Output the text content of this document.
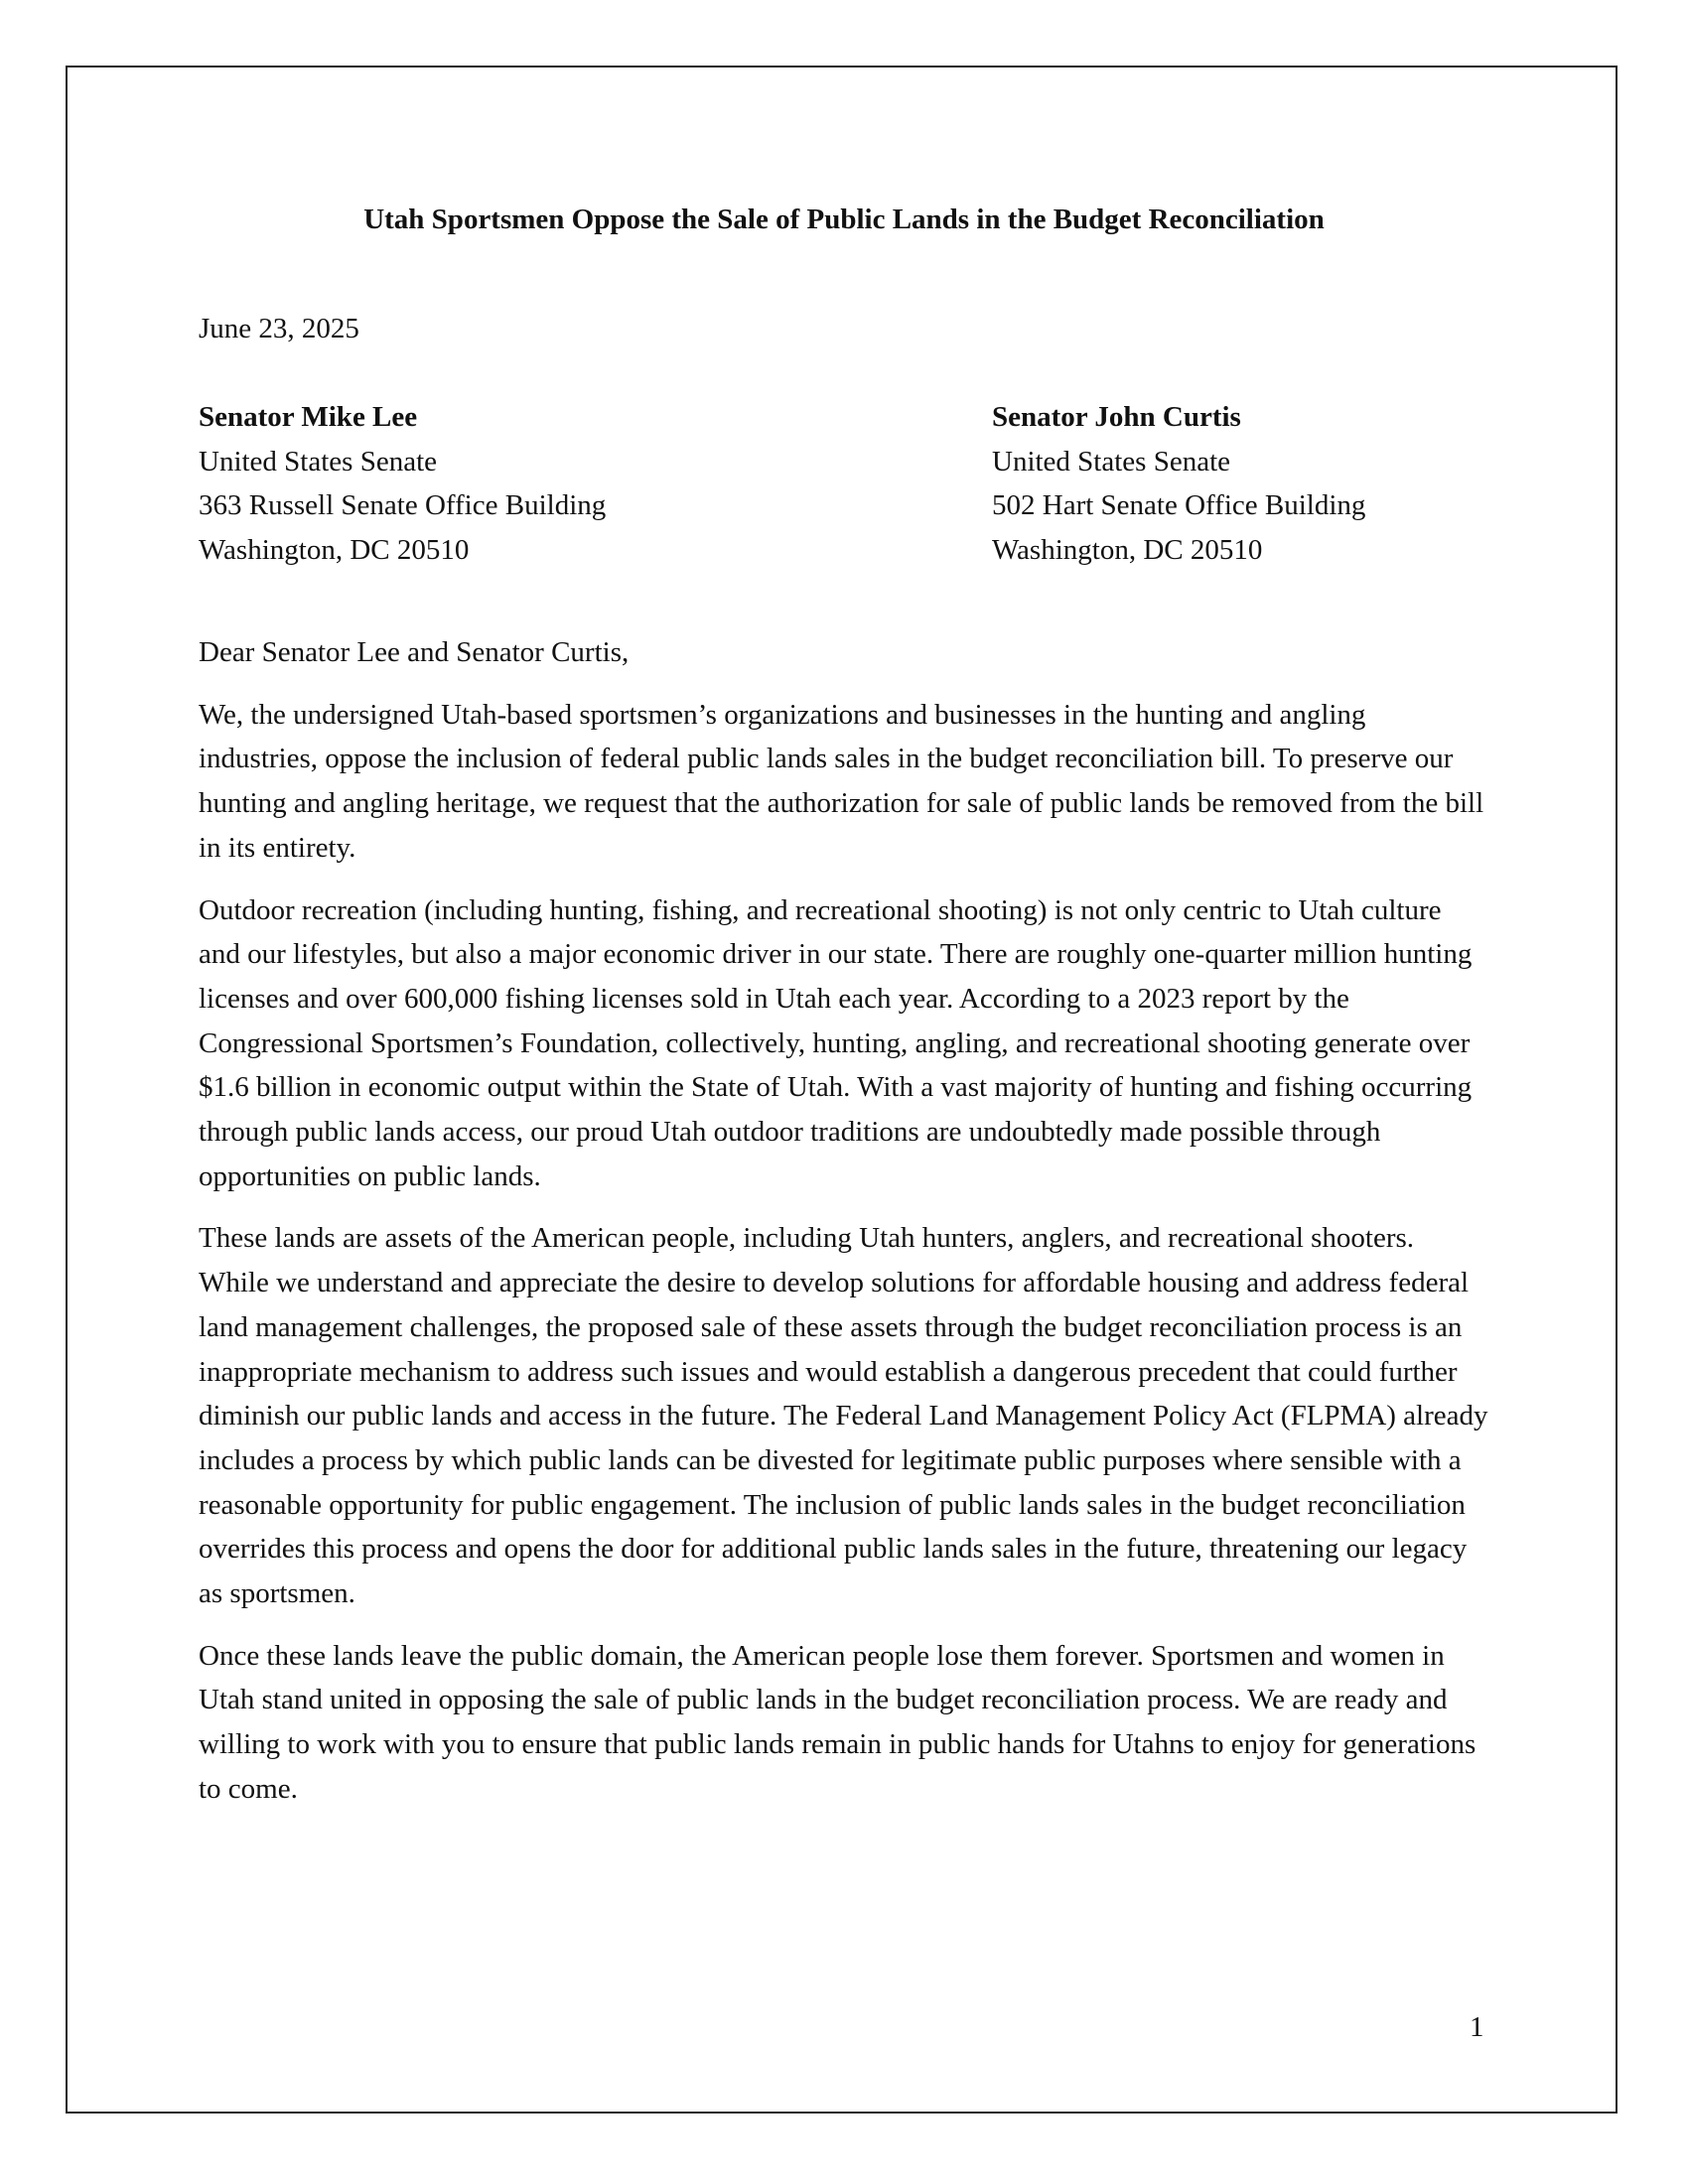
Utah Sportsmen Oppose the Sale of Public Lands in the Budget Reconciliation

June 23, 2025

Senator Mike Lee
United States Senate
363 Russell Senate Office Building
Washington, DC 20510
Senator John Curtis
United States Senate
502 Hart Senate Office Building
Washington, DC 20510

Dear Senator Lee and Senator Curtis,

We, the undersigned Utah-based sportsmen’s organizations and businesses in the hunting and angling industries, oppose the inclusion of federal public lands sales in the budget reconciliation bill. To preserve our hunting and angling heritage, we request that the authorization for sale of public lands be removed from the bill in its entirety.

Outdoor recreation (including hunting, fishing, and recreational shooting) is not only centric to Utah culture and our lifestyles, but also a major economic driver in our state. There are roughly one-quarter million hunting licenses and over 600,000 fishing licenses sold in Utah each year. According to a 2023 report by the Congressional Sportsmen’s Foundation, collectively, hunting, angling, and recreational shooting generate over $1.6 billion in economic output within the State of Utah. With a vast majority of hunting and fishing occurring through public lands access, our proud Utah outdoor traditions are undoubtedly made possible through opportunities on public lands.

These lands are assets of the American people, including Utah hunters, anglers, and recreational shooters. While we understand and appreciate the desire to develop solutions for affordable housing and address federal land management challenges, the proposed sale of these assets through the budget reconciliation process is an inappropriate mechanism to address such issues and would establish a dangerous precedent that could further diminish our public lands and access in the future. The Federal Land Management Policy Act (FLPMA) already includes a process by which public lands can be divested for legitimate public purposes where sensible with a reasonable opportunity for public engagement. The inclusion of public lands sales in the budget reconciliation overrides this process and opens the door for additional public lands sales in the future, threatening our legacy as sportsmen.

Once these lands leave the public domain, the American people lose them forever. Sportsmen and women in Utah stand united in opposing the sale of public lands in the budget reconciliation process. We are ready and willing to work with you to ensure that public lands remain in public hands for Utahns to enjoy for generations to come.

1
